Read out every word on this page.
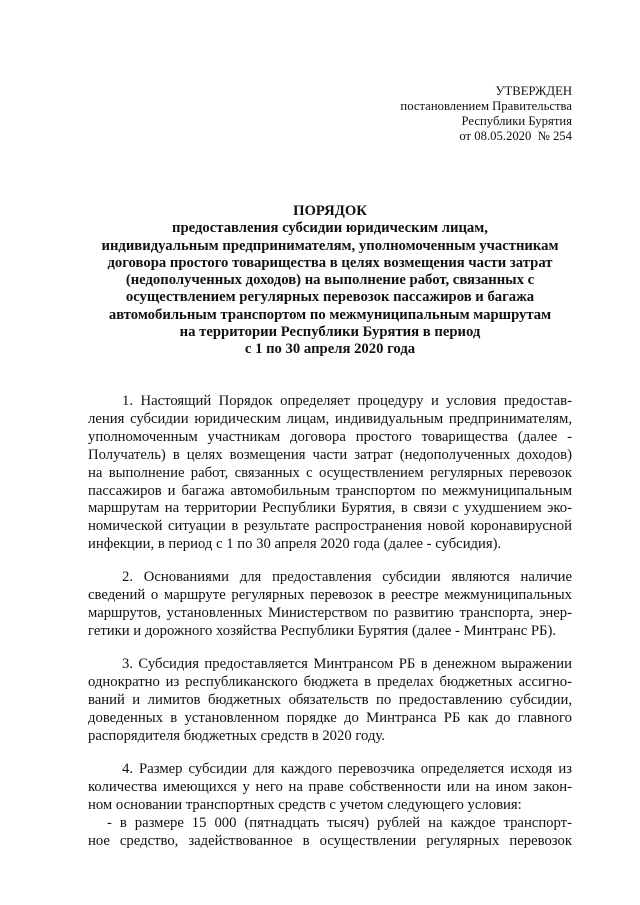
УТВЕРЖДЕН
постановлением Правительства
Республики Бурятия
от 08.05.2020  № 254
ПОРЯДОК
предоставления субсидии юридическим лицам,
индивидуальным предпринимателям, уполномоченным участникам
договора простого товарищества в целях возмещения части затрат
(недополученных доходов) на выполнение работ, связанных с
осуществлением регулярных перевозок пассажиров и багажа
автомобильным транспортом по межмуниципальным маршрутам
на территории Республики Бурятия в период
с 1 по 30 апреля 2020 года
1. Настоящий Порядок определяет процедуру и условия предостав-
ления субсидии юридическим лицам, индивидуальным предпринимателям,
уполномоченным участникам договора простого товарищества (далее -
Получатель) в целях возмещения части затрат (недополученных доходов)
на выполнение работ, связанных с осуществлением регулярных перевозок
пассажиров и багажа автомобильным транспортом по межмуниципальным
маршрутам на территории Республики Бурятия, в связи с ухудшением эко-
номической ситуации в результате распространения новой коронавирусной
инфекции, в период с 1 по 30 апреля 2020 года (далее - субсидия).
2. Основаниями для предоставления субсидии являются наличие
сведений о маршруте регулярных перевозок в реестре межмуниципальных
маршрутов, установленных Министерством по развитию транспорта, энер-
гетики и дорожного хозяйства Республики Бурятия (далее - Минтранс РБ).
3. Субсидия предоставляется Минтрансом РБ в денежном выражении
однократно из республиканского бюджета в пределах бюджетных ассигно-
ваний и лимитов бюджетных обязательств по предоставлению субсидии,
доведенных в установленном порядке до Минтранса РБ как до главного
распорядителя бюджетных средств в 2020 году.
4. Размер субсидии для каждого перевозчика определяется исходя из
количества имеющихся у него на праве собственности или на ином закон-
ном основании транспортных средств с учетом следующего условия:
- в размере 15 000 (пятнадцать тысяч) рублей на каждое транспорт-
ное средство, задействованное в осуществлении регулярных перевозок
